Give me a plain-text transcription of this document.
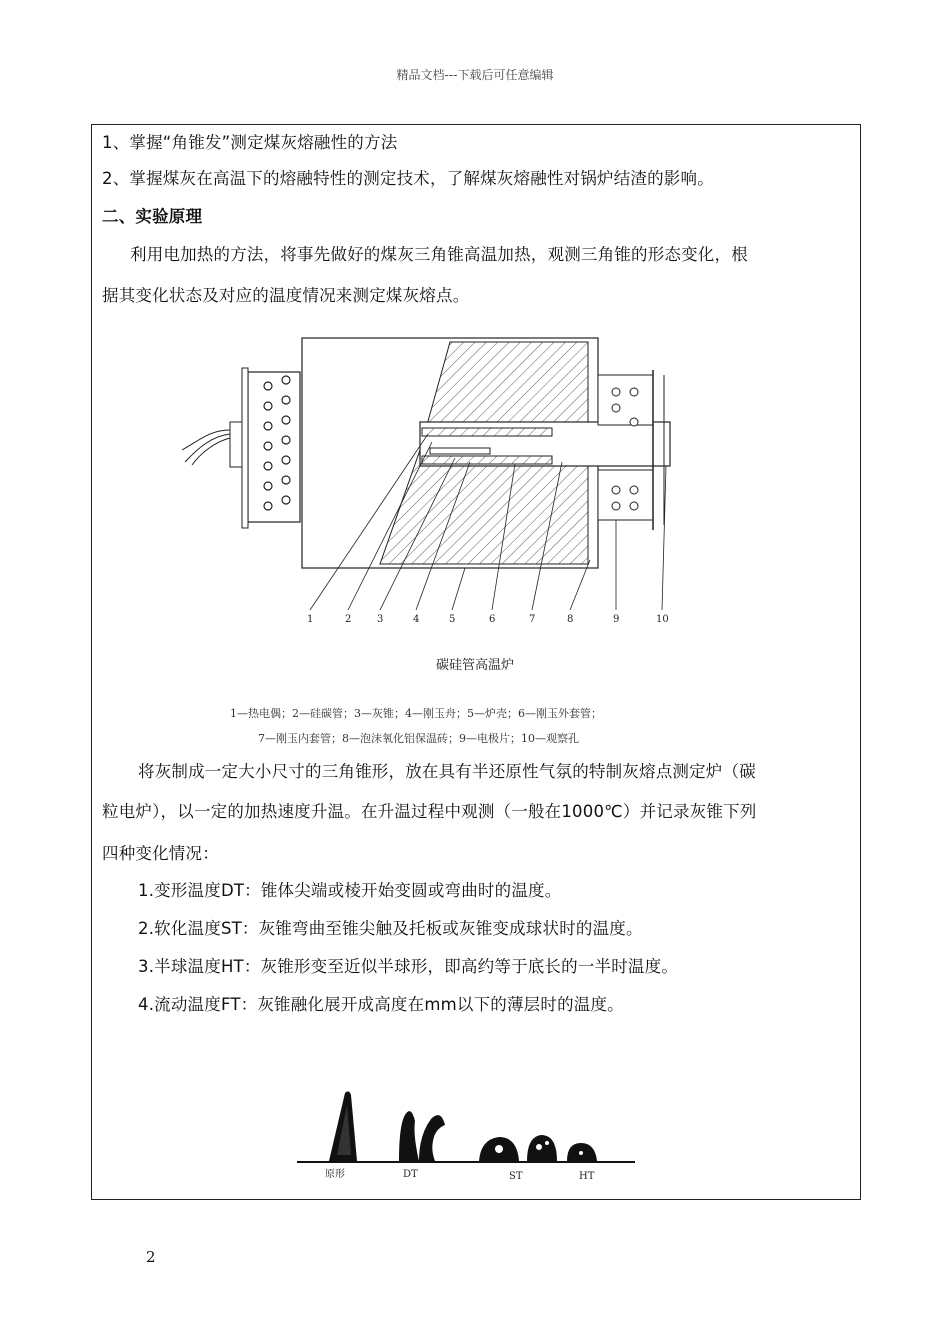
精品文档---下载后可任意编辑
1、掌握“角锥发”测定煤灰熔融性的方法
2、掌握煤灰在高温下的熔融特性的测定技术，了解煤灰熔融性对锅炉结渣的影响。
二、实验原理
利用电加热的方法，将事先做好的煤灰三角锥高温加热，观测三角锥的形态变化，根
据其变化状态及对应的温度情况来测定煤灰熔点。
1	2	3	4	5	6	7	8	9	10
碳硅管高温炉
1—热电偶；2—硅碳管；3—灰锥；4—刚玉舟；5—炉壳；6—刚玉外套管；
7—刚玉内套管；8—泡沫氧化铝保温砖；9—电极片；10—观察孔
将灰制成一定大小尺寸的三角锥形，放在具有半还原性气氛的特制灰熔点测定炉（碳
粒电炉），以一定的加热速度升温。在升温过程中观测（一般在1000℃）并记录灰锥下列
四种变化情况：
1.变形温度DT：锥体尖端或棱开始变圆或弯曲时的温度。
2.软化温度ST：灰锥弯曲至锥尖触及托板或灰锥变成球状时的温度。
3.半球温度HT：灰锥形变至近似半球形，即高约等于底长的一半时温度。
4.流动温度FT：灰锥融化展开成高度在mm以下的薄层时的温度。
原形	DT	ST	HT
2
